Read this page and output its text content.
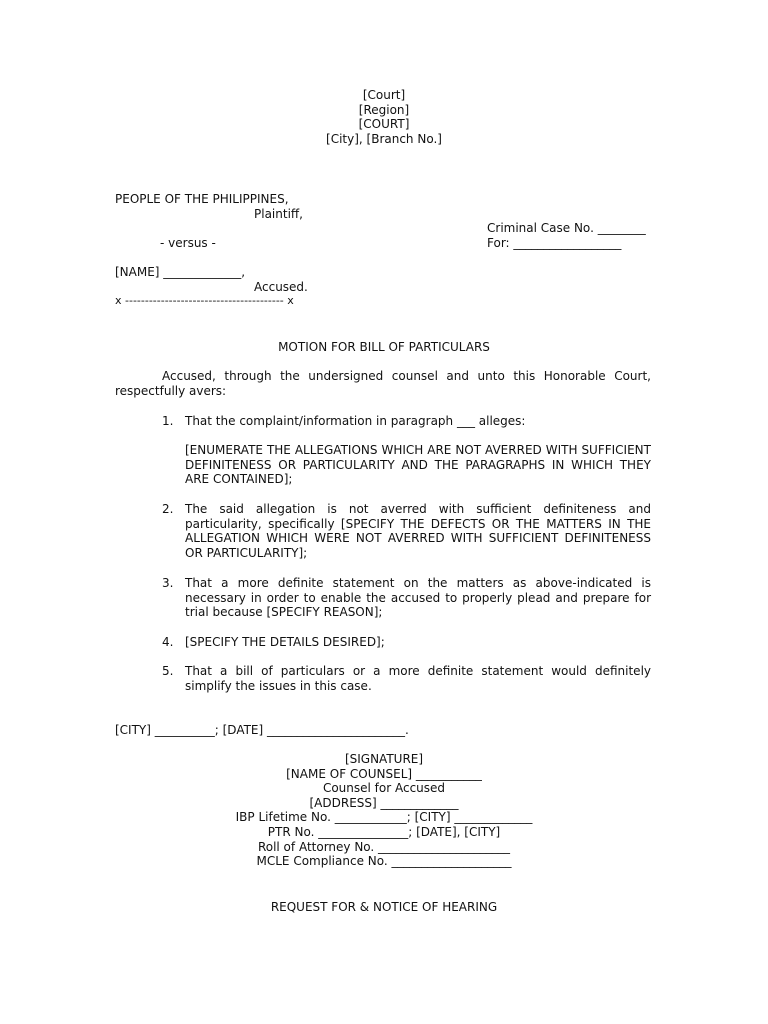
[Court]
[Region]
[COURT]
[City], [Branch No.]
PEOPLE OF THE PHILIPPINES,
Plaintiff,
Criminal Case No. ________
- versus -	For: __________________
[NAME] _____________,
Accused.
x ---------------------------------------- x
MOTION FOR BILL OF PARTICULARS
Accused, through the undersigned counsel and unto this Honorable Court, respectfully avers:
1. That the complaint/information in paragraph ___ alleges:
[ENUMERATE THE ALLEGATIONS WHICH ARE NOT AVERRED WITH SUFFICIENT DEFINITENESS OR PARTICULARITY AND THE PARAGRAPHS IN WHICH THEY ARE CONTAINED];
2. The said allegation is not averred with sufficient definiteness and particularity, specifically [SPECIFY THE DEFECTS OR THE MATTERS IN THE ALLEGATION WHICH WERE NOT AVERRED WITH SUFFICIENT DEFINITENESS OR PARTICULARITY];
3. That a more definite statement on the matters as above-indicated is necessary in order to enable the accused to properly plead and prepare for trial because [SPECIFY REASON];
4. [SPECIFY THE DETAILS DESIRED];
5. That a bill of particulars or a more definite statement would definitely simplify the issues in this case.
[CITY] __________; [DATE] _______________________.
[SIGNATURE]
[NAME OF COUNSEL] ___________
Counsel for Accused
[ADDRESS] _____________
IBP Lifetime No. ____________; [CITY] _____________
PTR No. _______________; [DATE], [CITY]
Roll of Attorney No. ______________________
MCLE Compliance No. ____________________
REQUEST FOR & NOTICE OF HEARING
